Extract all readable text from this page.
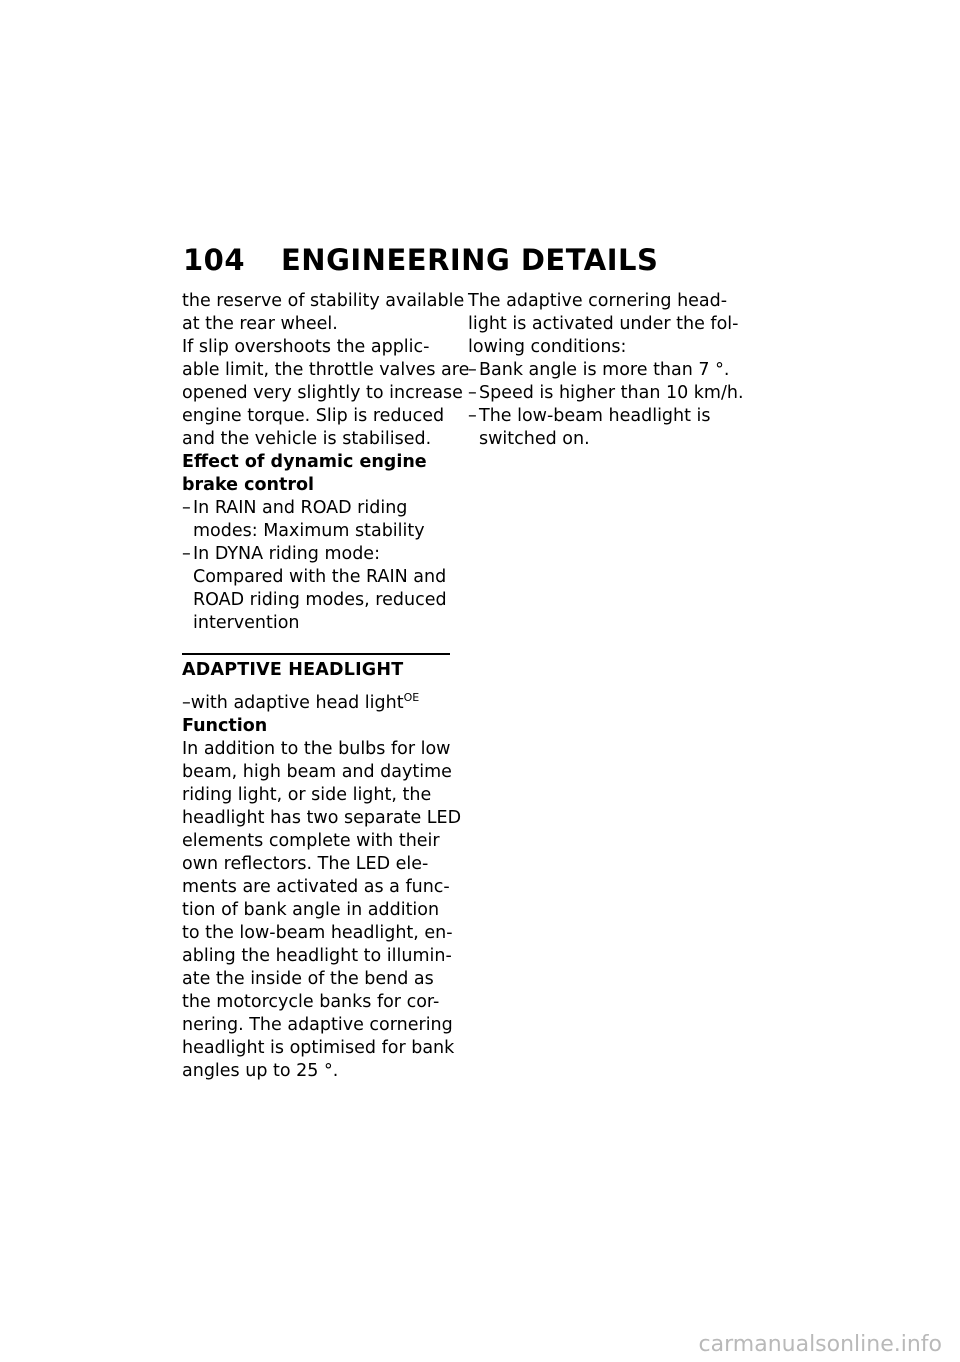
104 ENGINEERING DETAILS
the reserve of stability available
at the rear wheel.
If slip overshoots the applic-
able limit, the throttle valves are
opened very slightly to increase
engine torque. Slip is reduced
and the vehicle is stabilised.
Effect of dynamic engine
brake control
– In RAIN and ROAD riding
modes: Maximum stability
– In DYNA riding mode:
Compared with the RAIN and
ROAD riding modes, reduced
intervention
ADAPTIVE HEADLIGHT
–with adaptive head light$^{OE}$
Function
In addition to the bulbs for low
beam, high beam and daytime
riding light, or side light, the
headlight has two separate LED
elements complete with their
own reflectors. The LED ele-
ments are activated as a func-
tion of bank angle in addition
to the low-beam headlight, en-
abling the headlight to illumin-
ate the inside of the bend as
the motorcycle banks for cor-
nering. The adaptive cornering
headlight is optimised for bank
angles up to 25 °.
The adaptive cornering head-
light is activated under the fol-
lowing conditions:
– Bank angle is more than 7 °.
– Speed is higher than 10 km/h.
– The low-beam headlight is
switched on.
carmanualsonline.info
